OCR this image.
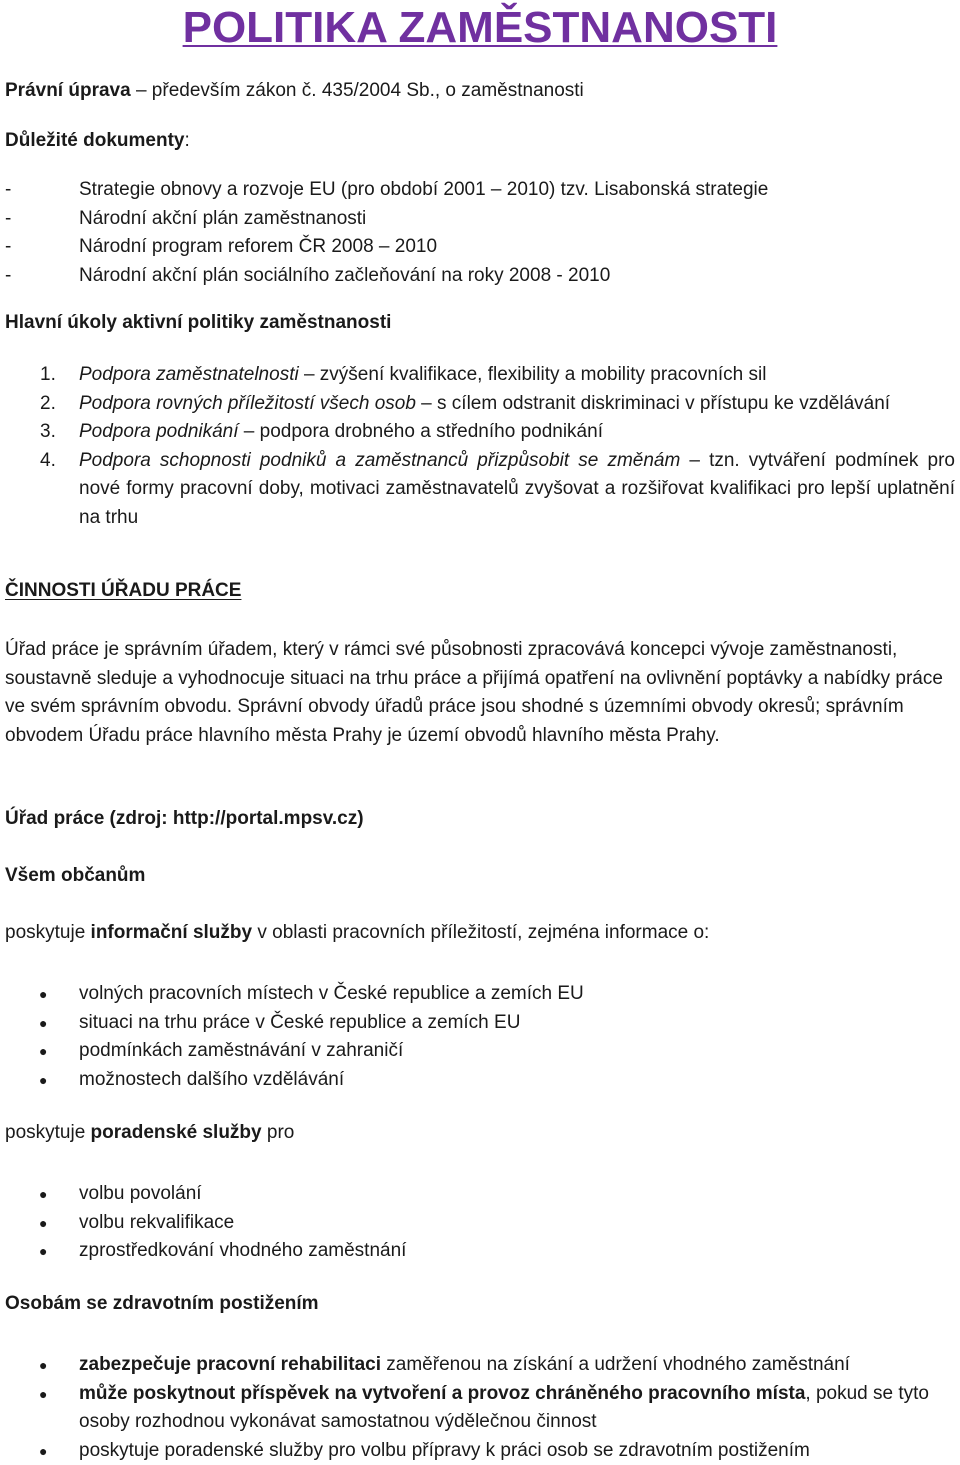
POLITIKA ZAMĚSTNANOSTI
Právní úprava – především zákon č. 435/2004 Sb., o zaměstnanosti
Důležité dokumenty:
-	Strategie obnovy a rozvoje EU (pro období 2001 – 2010) tzv. Lisabonská strategie
-	Národní akční plán zaměstnanosti
-	Národní program reforem ČR 2008 – 2010
-	Národní akční plán sociálního začleňování na roky 2008 - 2010
Hlavní úkoly aktivní politiky zaměstnanosti
1.	Podpora zaměstnatelnosti – zvýšení kvalifikace, flexibility a mobility pracovních sil
2.	Podpora rovných příležitostí všech osob – s cílem odstranit diskriminaci v přístupu ke vzdělávání
3.	Podpora podnikání – podpora drobného a středního podnikání
4.	Podpora schopnosti podniků a zaměstnanců přizpůsobit se změnám – tzn. vytváření podmínek pro nové formy pracovní doby, motivaci zaměstnavatelů zvyšovat a rozšiřovat kvalifikaci pro lepší uplatnění na trhu
ČINNOSTI ÚŘADU PRÁCE
Úřad práce je správním úřadem, který v rámci své působnosti zpracovává koncepci vývoje zaměstnanosti, soustavně sleduje a vyhodnocuje situaci na trhu práce a přijímá opatření na ovlivnění poptávky a nabídky práce ve svém správním obvodu. Správní obvody úřadů práce jsou shodné s územními obvody okresů; správním obvodem Úřadu práce hlavního města Prahy je území obvodů hlavního města Prahy.
Úřad práce (zdroj: http://portal.mpsv.cz)
Všem občanům
poskytuje informační služby v oblasti pracovních příležitostí, zejména informace o:
●	volných pracovních místech v České republice a zemích EU
●	situaci na trhu práce v České republice a zemích EU
●	podmínkách zaměstnávání v zahraničí
●	možnostech dalšího vzdělávání
poskytuje poradenské služby pro
●	volbu povolání
●	volbu rekvalifikace
●	zprostředkování vhodného zaměstnání
Osobám se zdravotním postižením
●	zabezpečuje pracovní rehabilitaci zaměřenou na získání a udržení vhodného zaměstnání
●	může poskytnout příspěvek na vytvoření a provoz chráněného pracovního místa, pokud se tyto osoby rozhodnou vykonávat samostatnou výdělečnou činnost
●	poskytuje poradenské služby pro volbu přípravy k práci osob se zdravotním postižením
